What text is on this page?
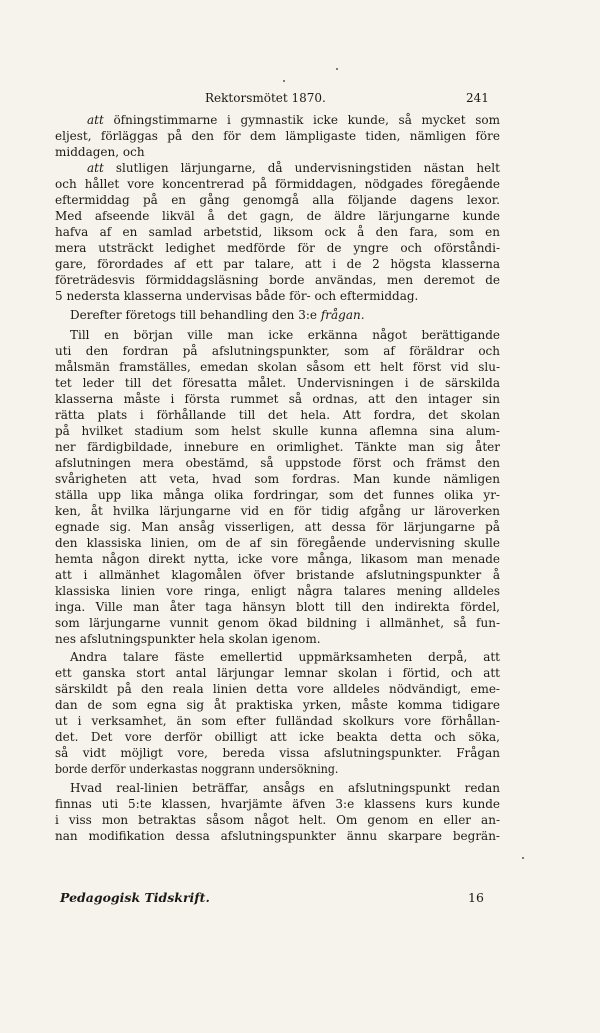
Rektorsmötet 1870.	241
att öfningstimmarne i gymnastik icke kunde, så mycket som
eljest, förläggas på den för dem lämpligaste tiden, nämligen före
middagen, och
att slutligen lärjungarne, då undervisningstiden nästan helt
och hållet vore koncentrerad på förmiddagen, nödgades föregående
eftermiddag på en gång genomgå alla följande dagens lexor.
Med afseende likväl å det gagn, de äldre lärjungarne kunde
hafva af en samlad arbetstid, liksom ock å den fara, som en
mera utsträckt ledighet medförde för de yngre och oförståndi-
gare, förordades af ett par talare, att i de 2 högsta klasserna
företrädesvis förmiddagsläsning borde användas, men deremot de
5 nedersta klasserna undervisas både för- och eftermiddag.
Derefter företogs till behandling den 3:e frågan.
Till en början ville man icke erkänna något berättigande
uti den fordran på afslutningspunkter, som af föräldrar och
målsmän framställes, emedan skolan såsom ett helt först vid slu-
tet leder till det föresatta målet. Undervisningen i de särskilda
klasserna måste i första rummet så ordnas, att den intager sin
rätta plats i förhållande till det hela. Att fordra, det skolan
på hvilket stadium som helst skulle kunna aflemna sina alum-
ner färdigbildade, innebure en orimlighet. Tänkte man sig åter
afslutningen mera obestämd, så uppstode först och främst den
svårigheten att veta, hvad som fordras. Man kunde nämligen
ställa upp lika många olika fordringar, som det funnes olika yr-
ken, åt hvilka lärjungarne vid en för tidig afgång ur läroverken
egnade sig. Man ansåg visserligen, att dessa för lärjungarne på
den klassiska linien, om de af sin föregående undervisning skulle
hemta någon direkt nytta, icke vore många, likasom man menade
att i allmänhet klagomålen öfver bristande afslutningspunkter å
klassiska linien vore ringa, enligt några talares mening alldeles
inga. Ville man åter taga hänsyn blott till den indirekta fördel,
som lärjungarne vunnit genom ökad bildning i allmänhet, så fun-
nes afslutningspunkter hela skolan igenom.
Andra talare fäste emellertid uppmärksamheten derpå, att
ett ganska stort antal lärjungar lemnar skolan i förtid, och att
särskildt på den reala linien detta vore alldeles nödvändigt, eme-
dan de som egna sig åt praktiska yrken, måste komma tidigare
ut i verksamhet, än som efter fulländad skolkurs vore förhållan-
det. Det vore derför obilligt att icke beakta detta och söka,
så vidt möjligt vore, bereda vissa afslutningspunkter. Frågan
borde derför underkastas noggrann undersökning.
Hvad real-linien beträffar, ansågs en afslutningspunkt redan
finnas uti 5:te klassen, hvarjämte äfven 3:e klassens kurs kunde
i viss mon betraktas såsom något helt. Om genom en eller an-
nan modifikation dessa afslutningspunkter ännu skarpare begrän-
Pedagogisk Tidskrift.	16
